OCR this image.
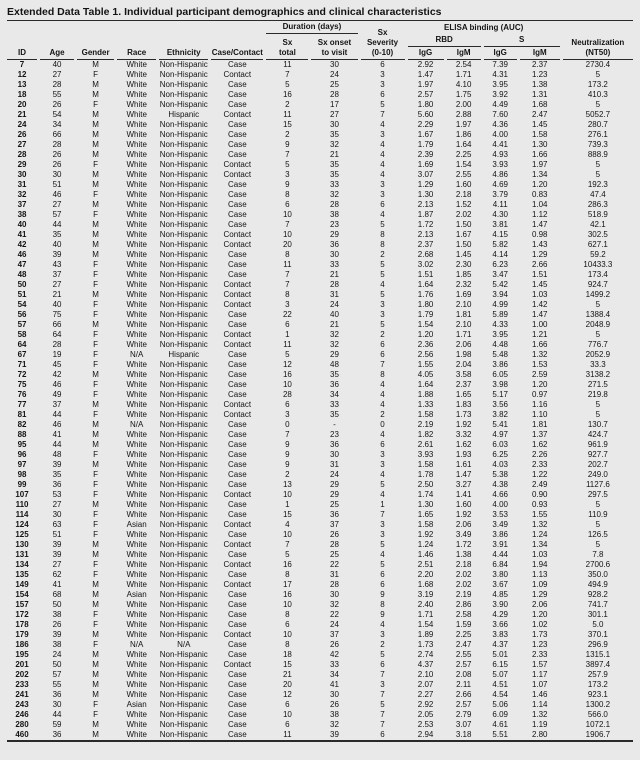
Extended Data Table 1. Individual participant demographics and clinical characteristics
ID	Age	Gender	Race	Ethnicity	Case/Contact	Duration (days)		Sx
Severity
(0-10)	ELISA binding (AUC)				Neutralization
(NT50)

						Sx
total	Sx onset
to visit		RBD		S		
									IgG	IgM	IgG	IgM	
7	40	M	White	Non-Hispanic	Case	11	30	6	2.92	2.54	7.39	2.37	2730.4
12	27	F	White	Non-Hispanic	Contact	7	24	3	1.47	1.71	4.31	1.23	5
13	28	M	White	Non-Hispanic	Case	5	25	3	1.97	4.10	3.95	1.38	173.2
18	55	M	White	Non-Hispanic	Case	16	28	6	2.57	1.75	3.92	1.31	410.3
20	26	F	White	Non-Hispanic	Case	2	17	5	1.80	2.00	4.49	1.68	5
21	54	M	White	Hispanic	Contact	11	27	7	5.60	2.88	7.60	2.47	5052.7
24	34	M	White	Non-Hispanic	Case	15	30	4	2.29	1.97	4.36	1.45	280.7
26	66	M	White	Non-Hispanic	Case	2	35	3	1.67	1.86	4.00	1.58	276.1
27	28	M	White	Non-Hispanic	Case	9	32	4	1.79	1.64	4.41	1.30	739.3
28	26	M	White	Non-Hispanic	Case	7	21	4	2.39	2.25	4.93	1.66	888.9
29	26	F	White	Non-Hispanic	Contact	5	35	4	1.69	1.54	3.93	1.97	5
30	30	M	White	Non-Hispanic	Contact	3	35	4	3.07	2.55	4.86	1.34	5
31	51	M	White	Non-Hispanic	Case	9	33	3	1.29	1.60	4.69	1.20	192.3
32	46	F	White	Non-Hispanic	Case	8	32	3	1.30	2.18	3.79	0.83	47.4
37	27	M	White	Non-Hispanic	Case	6	28	6	2.13	1.52	4.11	1.04	286.3
38	57	F	White	Non-Hispanic	Case	10	38	4	1.87	2.02	4.30	1.12	518.9
40	44	M	White	Non-Hispanic	Case	7	23	5	1.72	1.50	3.81	1.47	42.1
41	35	M	White	Non-Hispanic	Contact	10	29	8	2.13	1.67	4.15	0.98	302.5
42	40	M	White	Non-Hispanic	Contact	20	36	8	2.37	1.50	5.82	1.43	627.1
46	39	M	White	Non-Hispanic	Case	8	30	2	2.68	1.45	4.14	1.29	59.2
47	43	F	White	Non-Hispanic	Case	11	33	5	3.02	2.30	6.23	2.66	10433.3
48	37	F	White	Non-Hispanic	Case	7	21	5	1.51	1.85	3.47	1.51	173.4
50	27	F	White	Non-Hispanic	Contact	7	28	4	1.64	2.32	5.42	1.45	924.7
51	21	M	White	Non-Hispanic	Contact	8	31	5	1.76	1.69	3.94	1.03	1499.2
54	40	F	White	Non-Hispanic	Contact	3	24	3	1.80	2.10	4.99	1.42	5
56	75	F	White	Non-Hispanic	Case	22	40	3	1.79	1.81	5.89	1.47	1388.4
57	66	M	White	Non-Hispanic	Case	6	21	5	1.54	2.10	4.33	1.00	2048.9
58	64	F	White	Non-Hispanic	Contact	1	32	2	1.20	1.71	3.95	1.21	5
64	28	F	White	Non-Hispanic	Contact	11	32	6	2.36	2.06	4.48	1.66	776.7
67	19	F	N/A	Hispanic	Case	5	29	6	2.56	1.98	5.48	1.32	2052.9
71	45	F	White	Non-Hispanic	Case	12	48	7	1.55	2.04	3.86	1.53	33.3
72	42	M	White	Non-Hispanic	Case	16	35	8	4.05	3.58	6.05	2.59	3138.2
75	46	F	White	Non-Hispanic	Case	10	36	4	1.64	2.37	3.98	1.20	271.5
76	49	F	White	Non-Hispanic	Case	28	34	4	1.88	1.65	5.17	0.97	219.8
77	37	M	White	Non-Hispanic	Contact	6	33	4	1.33	1.83	3.56	1.16	5
81	44	F	White	Non-Hispanic	Contact	3	35	2	1.58	1.73	3.82	1.10	5
82	46	M	N/A	Non-Hispanic	Case	0	-	0	2.19	1.92	5.41	1.81	130.7
88	41	M	White	Non-Hispanic	Case	7	23	4	1.82	3.32	4.97	1.37	424.7
95	44	M	White	Non-Hispanic	Case	9	36	6	2.61	1.62	6.03	1.62	961.9
96	48	F	White	Non-Hispanic	Case	9	30	3	3.93	1.93	6.25	2.26	927.7
97	39	M	White	Non-Hispanic	Case	9	31	3	1.58	1.61	4.03	2.33	202.7
98	35	F	White	Non-Hispanic	Case	2	24	4	1.78	1.47	5.38	1.22	249.0
99	36	F	White	Non-Hispanic	Case	13	29	5	2.50	3.27	4.38	2.49	1127.6
107	53	F	White	Non-Hispanic	Contact	10	29	4	1.74	1.41	4.66	0.90	297.5
110	27	M	White	Non-Hispanic	Case	1	25	1	1.30	1.60	4.00	0.93	5
114	30	F	White	Non-Hispanic	Case	15	36	7	1.65	1.92	3.53	1.55	110.9
124	63	F	Asian	Non-Hispanic	Contact	4	37	3	1.58	2.06	3.49	1.32	5
125	51	F	White	Non-Hispanic	Case	10	26	3	1.92	3.49	3.86	1.24	126.5
130	39	M	White	Non-Hispanic	Contact	7	28	5	1.24	1.72	3.91	1.34	5
131	39	M	White	Non-Hispanic	Case	5	25	4	1.46	1.38	4.44	1.03	7.8
134	27	F	White	Non-Hispanic	Contact	16	22	5	2.51	2.18	6.84	1.94	2700.6
135	62	F	White	Non-Hispanic	Case	8	31	6	2.20	2.02	3.80	1.13	350.0
149	41	M	White	Non-Hispanic	Contact	17	28	6	1.68	2.02	3.67	1.09	494.9
154	68	M	Asian	Non-Hispanic	Case	16	30	9	3.19	2.19	4.85	1.29	928.2
157	50	M	White	Non-Hispanic	Case	10	32	8	2.40	2.86	3.90	2.06	741.7
172	38	F	White	Non-Hispanic	Case	8	22	9	1.71	2.58	4.29	1.20	301.1
178	26	F	White	Non-Hispanic	Case	6	24	4	1.54	1.59	3.66	1.02	5.0
179	39	M	White	Non-Hispanic	Contact	10	37	3	1.89	2.25	3.83	1.73	370.1
186	38	F	N/A	N/A	Case	8	26	2	1.73	2.47	4.37	1.23	296.9
195	24	M	White	Non-Hispanic	Case	18	42	5	2.74	2.55	5.01	2.33	1315.1
201	50	M	White	Non-Hispanic	Contact	15	33	6	4.37	2.57	6.15	1.57	3897.4
202	57	M	White	Non-Hispanic	Case	21	34	7	2.10	2.08	5.07	1.17	257.9
233	55	M	White	Non-Hispanic	Case	20	41	3	2.07	2.11	4.51	1.07	173.2
241	36	M	White	Non-Hispanic	Case	12	30	7	2.27	2.66	4.54	1.46	923.1
243	30	F	Asian	Non-Hispanic	Case	6	26	5	2.92	2.57	5.06	1.14	1300.2
246	44	F	White	Non-Hispanic	Case	10	38	7	2.05	2.79	6.09	1.32	566.0
280	59	M	White	Non-Hispanic	Case	6	32	7	2.53	3.07	4.61	1.19	1072.1
460	36	M	White	Non-Hispanic	Case	11	39	6	2.94	3.18	5.51	2.80	1906.7
